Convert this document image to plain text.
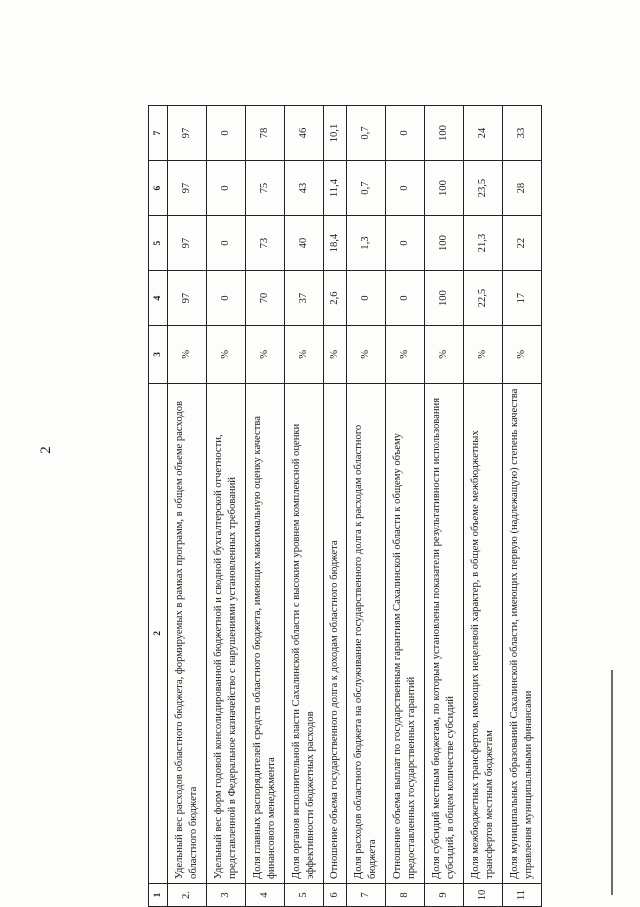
2
1	2	3	4	5	6	7
2.	Удельный вес расходов областного бюджета, формируемых в рамках программ, в общем объеме расходов областного бюджета	%	97	97	97	97
3	Удельный вес форм годовой консолидированной бюджетной и сводной бухгалтерской отчетности, представленной в Федеральное казначейство с нарушениями установленных требований	%	0	0	0	0
4	Доля главных распорядителей средств областного бюджета, имеющих максимальную оценку качества финансового менеджмента	%	70	73	75	78
5	Доля органов исполнительной власти Сахалинской области с высоким уровнем комплексной оценки эффективности бюджетных расходов	%	37	40	43	46
6	Отношение объема государственного долга к доходам областного бюджета	%	2,6	18,4	11,4	10,1
7	Доля расходов областного бюджета на обслуживание государственного долга к расходам областного бюджета	%	0	1,3	0,7	0,7
8	Отношение объема выплат по государственным гарантиям Сахалинской области к общему объему предоставленных государственных гарантий	%	0	0	0	0
9	Доля субсидий местным бюджетам, по которым установлены показатели результативности использования субсидий, в общем количестве субсидий	%	100	100	100	100
10	Доля межбюджетных трансфертов, имеющих нецелевой характер, в общем объеме межбюджетных трансфертов местным бюджетам	%	22,5	21,3	23,5	24
11	Доля муниципальных образований Сахалинской области, имеющих первую (надлежащую) степень качества управления муниципальными финансами	%	17	22	28	33
